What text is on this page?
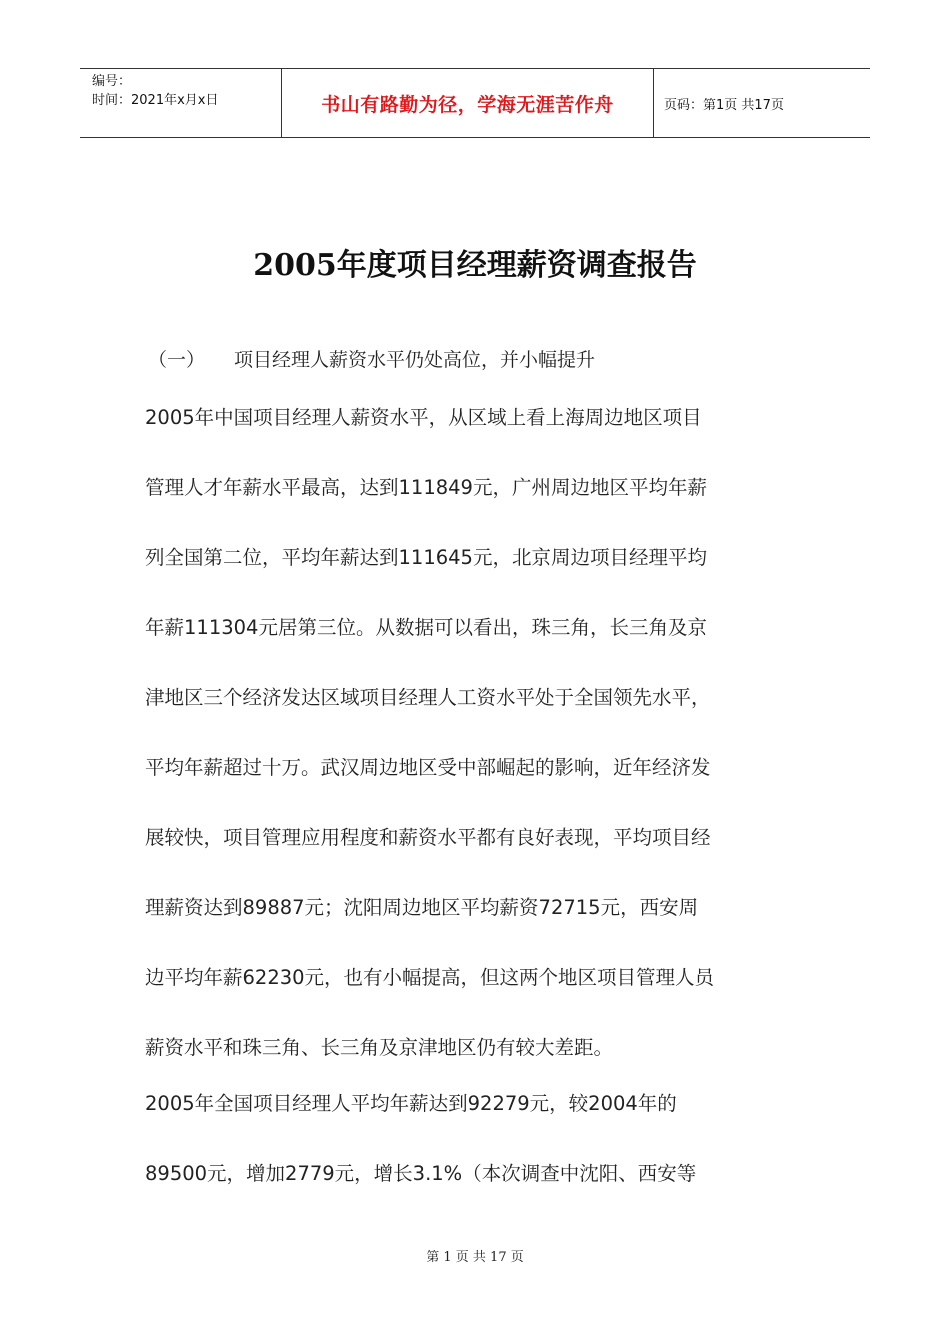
编号：
时间：2021年x月x日	书山有路勤为径，学海无涯苦作舟	页码：第1页 共17页
2005年度项目经理薪资调查报告
（一） 项目经理人薪资水平仍处高位，并小幅提升
2005年中国项目经理人薪资水平，从区域上看上海周边地区项目
管理人才年薪水平最高，达到111849元，广州周边地区平均年薪
列全国第二位，平均年薪达到111645元，北京周边项目经理平均
年薪111304元居第三位。从数据可以看出，珠三角，长三角及京
津地区三个经济发达区域项目经理人工资水平处于全国领先水平，
平均年薪超过十万。武汉周边地区受中部崛起的影响，近年经济发
展较快，项目管理应用程度和薪资水平都有良好表现，平均项目经
理薪资达到89887元；沈阳周边地区平均薪资72715元，西安周
边平均年薪62230元，也有小幅提高，但这两个地区项目管理人员
薪资水平和珠三角、长三角及京津地区仍有较大差距。
2005年全国项目经理人平均年薪达到92279元，较2004年的
89500元，增加2779元，增长3.1%（本次调查中沈阳、西安等
第 1 页 共 17 页
